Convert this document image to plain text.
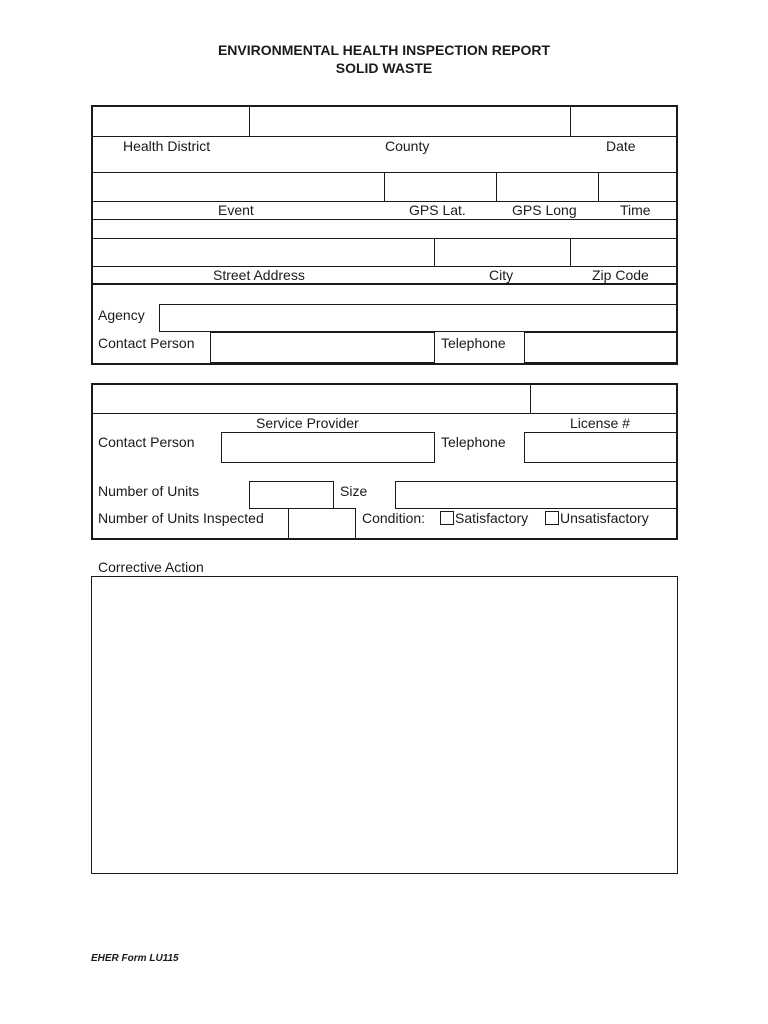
ENVIRONMENTAL HEALTH INSPECTION REPORT
SOLID WASTE
Health District	County	Date
Event	GPS Lat.	GPS Long	Time
Street Address	City	Zip Code
Agency
Contact Person	Telephone
Service Provider	License #
Contact Person	Telephone
Number of Units	Size
Number of Units Inspected	Condition: Satisfactory Unsatisfactory
Corrective Action
EHER Form LU115
